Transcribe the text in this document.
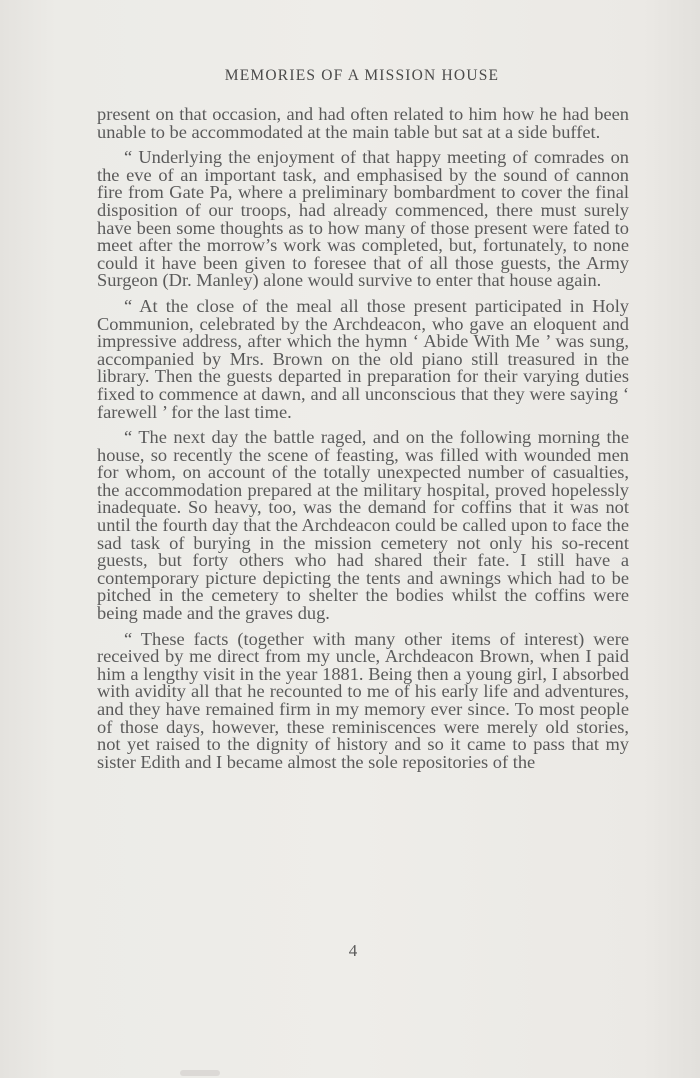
MEMORIES OF A MISSION HOUSE

present on that occasion, and had often related to him how he had been unable to be accommodated at the main table but sat at a side buffet.

“ Underlying the enjoyment of that happy meeting of comrades on the eve of an important task, and emphasised by the sound of cannon fire from Gate Pa, where a preliminary bombardment to cover the final disposition of our troops, had already commenced, there must surely have been some thoughts as to how many of those present were fated to meet after the morrow’s work was completed, but, fortunately, to none could it have been given to foresee that of all those guests, the Army Surgeon (Dr. Manley) alone would survive to enter that house again.

“ At the close of the meal all those present participated in Holy Communion, celebrated by the Archdeacon, who gave an eloquent and impressive address, after which the hymn ‘ Abide With Me ’ was sung, accompanied by Mrs. Brown on the old piano still treasured in the library. Then the guests departed in preparation for their varying duties fixed to commence at dawn, and all unconscious that they were saying ‘ farewell ’ for the last time.

“ The next day the battle raged, and on the following morning the house, so recently the scene of feasting, was filled with wounded men for whom, on account of the totally unexpected number of casualties, the accommodation prepared at the military hospital, proved hopelessly inadequate. So heavy, too, was the demand for coffins that it was not until the fourth day that the Archdeacon could be called upon to face the sad task of burying in the mission cemetery not only his so-recent guests, but forty others who had shared their fate. I still have a contemporary picture depicting the tents and awnings which had to be pitched in the cemetery to shelter the bodies whilst the coffins were being made and the graves dug.

“ These facts (together with many other items of interest) were received by me direct from my uncle, Archdeacon Brown, when I paid him a lengthy visit in the year 1881. Being then a young girl, I absorbed with avidity all that he recounted to me of his early life and adventures, and they have remained firm in my memory ever since. To most people of those days, however, these reminiscences were merely old stories, not yet raised to the dignity of history and so it came to pass that my sister Edith and I became almost the sole repositories of the

4
